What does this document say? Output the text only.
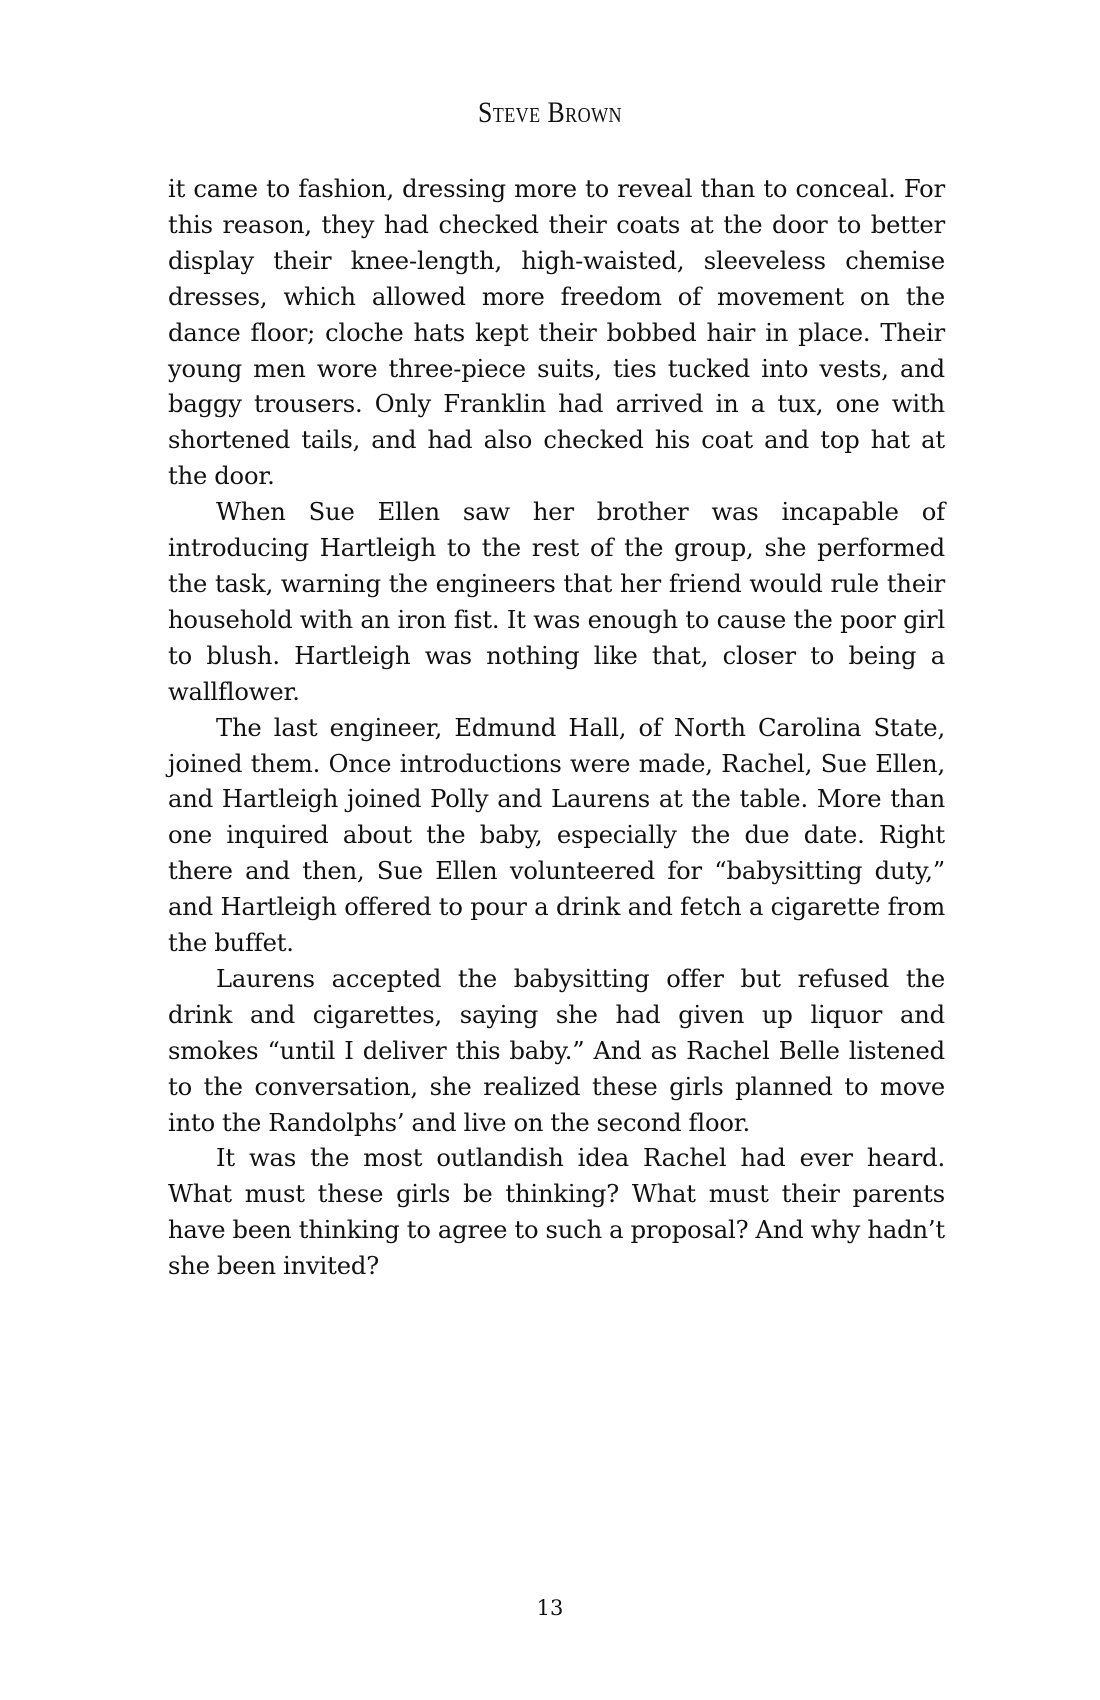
Steve Brown

it came to fashion, dressing more to reveal than to conceal. For this reason, they had checked their coats at the door to better display their knee-length, high-waisted, sleeveless chemise dresses, which allowed more freedom of movement on the dance floor; cloche hats kept their bobbed hair in place. Their young men wore three-piece suits, ties tucked into vests, and baggy trousers. Only Franklin had arrived in a tux, one with shortened tails, and had also checked his coat and top hat at the door.

When Sue Ellen saw her brother was incapable of introducing Hartleigh to the rest of the group, she performed the task, warning the engineers that her friend would rule their household with an iron fist. It was enough to cause the poor girl to blush. Hartleigh was nothing like that, closer to being a wallflower.

The last engineer, Edmund Hall, of North Carolina State, joined them. Once introductions were made, Rachel, Sue Ellen, and Hartleigh joined Polly and Laurens at the table. More than one inquired about the baby, especially the due date. Right there and then, Sue Ellen volunteered for “babysitting duty,” and Hartleigh offered to pour a drink and fetch a cigarette from the buffet.

Laurens accepted the babysitting offer but refused the drink and cigarettes, saying she had given up liquor and smokes “until I deliver this baby.” And as Rachel Belle listened to the conversation, she realized these girls planned to move into the Randolphs’ and live on the second floor.

It was the most outlandish idea Rachel had ever heard. What must these girls be thinking? What must their parents have been thinking to agree to such a proposal? And why hadn’t she been invited?

13
